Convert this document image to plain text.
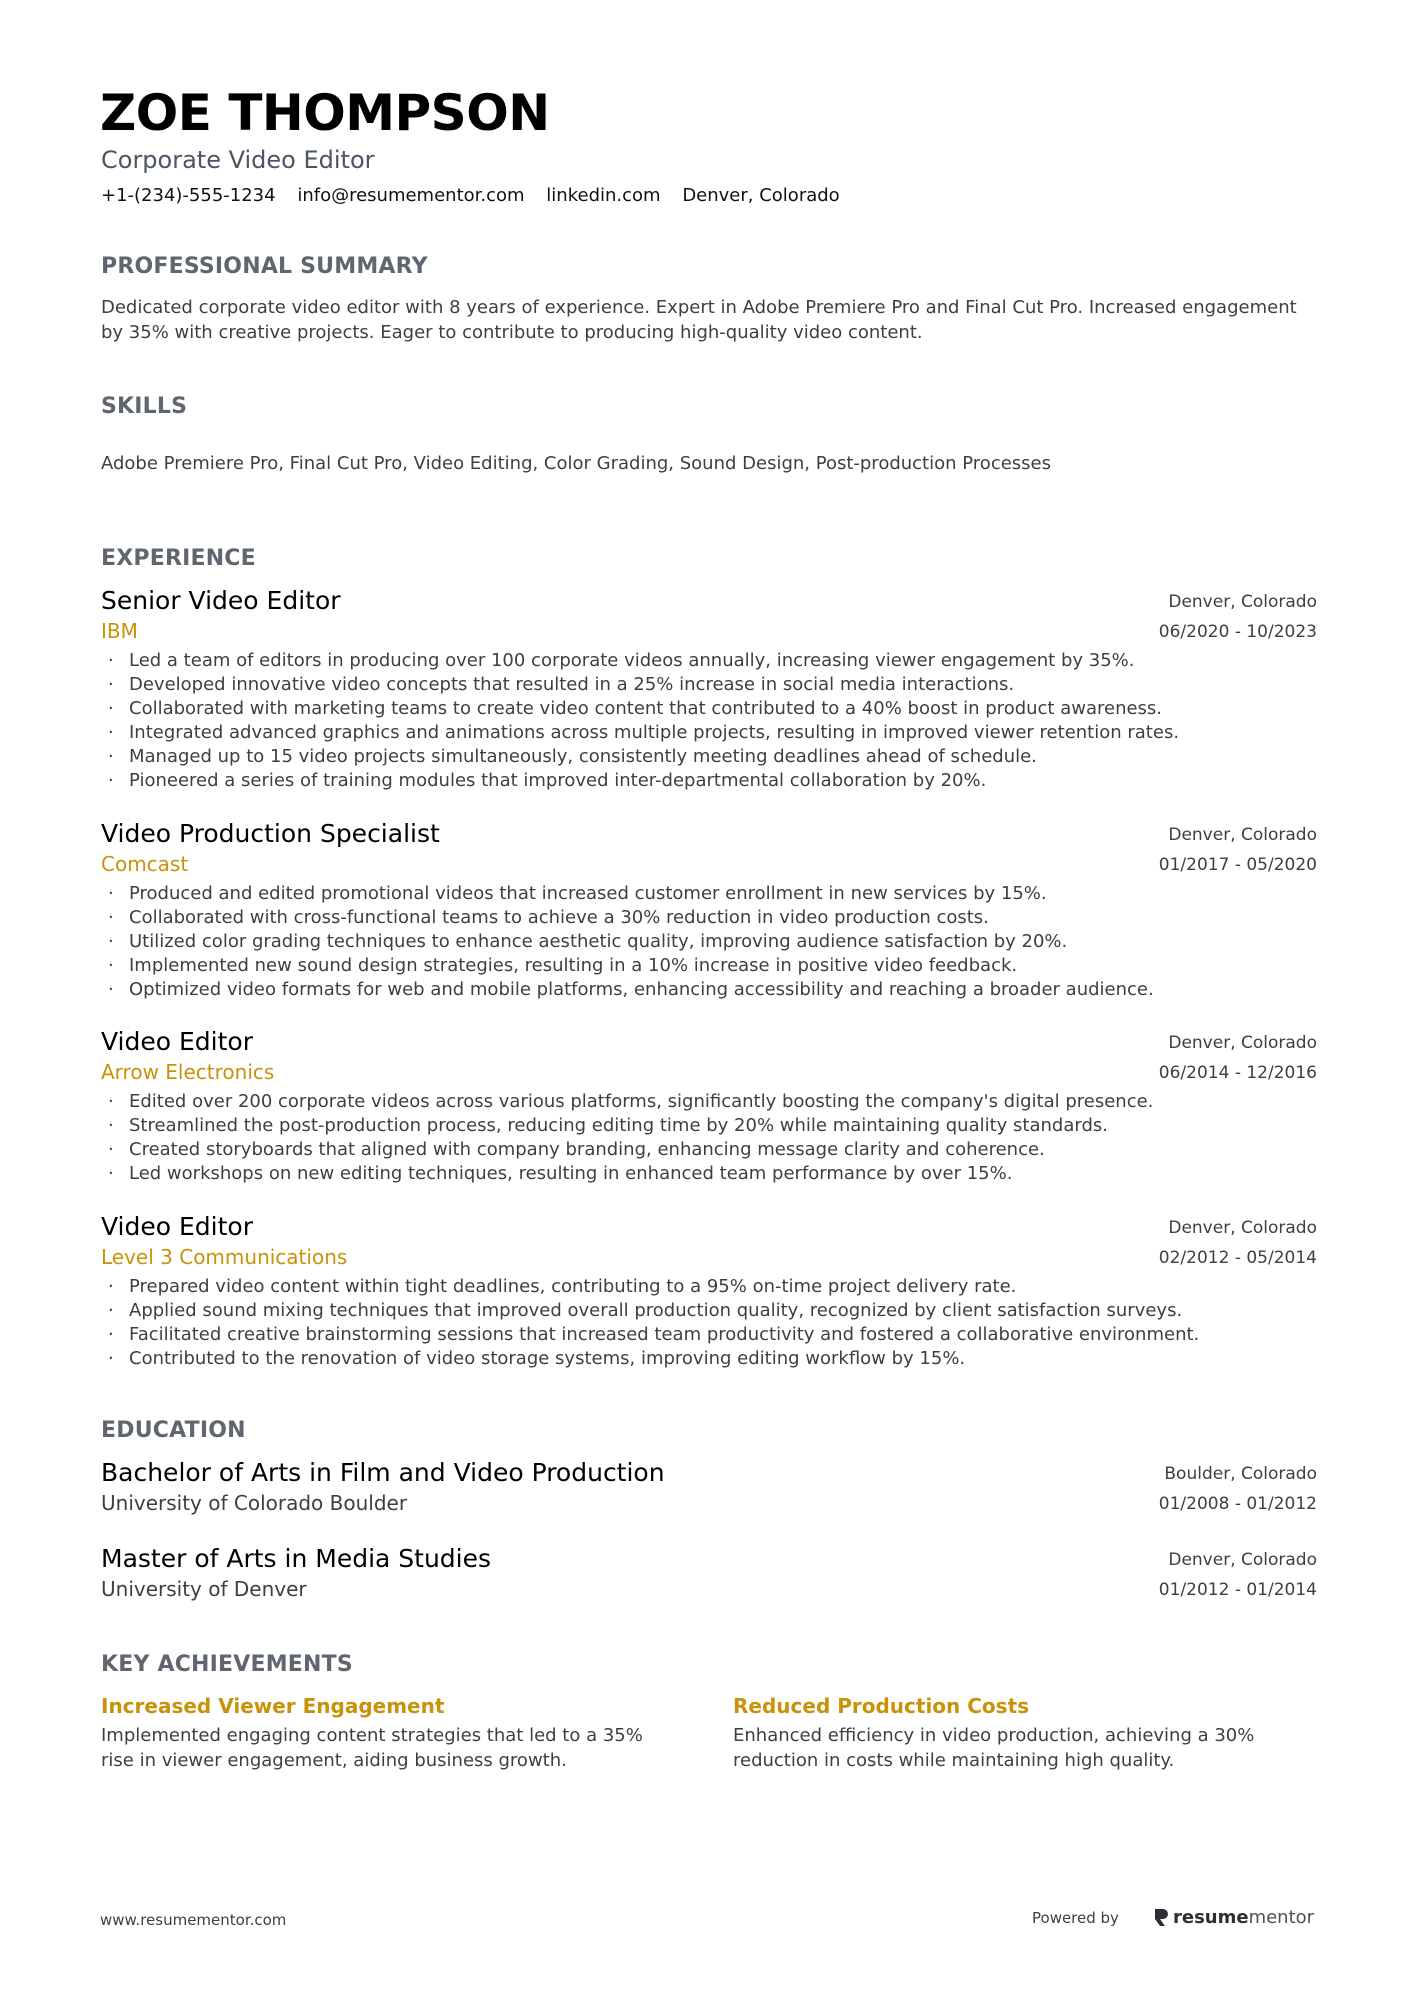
ZOE THOMPSON
Corporate Video Editor
+1-(234)-555-1234 info@resumementor.com linkedin.com Denver, Colorado
PROFESSIONAL SUMMARY
Dedicated corporate video editor with 8 years of experience. Expert in Adobe Premiere Pro and Final Cut Pro. Increased engagement by 35% with creative projects. Eager to contribute to producing high-quality video content.
SKILLS
Adobe Premiere Pro, Final Cut Pro, Video Editing, Color Grading, Sound Design, Post-production Processes
EXPERIENCE
Senior Video Editor
IBM
Denver, Colorado
06/2020 - 10/2023
· Led a team of editors in producing over 100 corporate videos annually, increasing viewer engagement by 35%.
· Developed innovative video concepts that resulted in a 25% increase in social media interactions.
· Collaborated with marketing teams to create video content that contributed to a 40% boost in product awareness.
· Integrated advanced graphics and animations across multiple projects, resulting in improved viewer retention rates.
· Managed up to 15 video projects simultaneously, consistently meeting deadlines ahead of schedule.
· Pioneered a series of training modules that improved inter-departmental collaboration by 20%.
Video Production Specialist
Comcast
Denver, Colorado
01/2017 - 05/2020
· Produced and edited promotional videos that increased customer enrollment in new services by 15%.
· Collaborated with cross-functional teams to achieve a 30% reduction in video production costs.
· Utilized color grading techniques to enhance aesthetic quality, improving audience satisfaction by 20%.
· Implemented new sound design strategies, resulting in a 10% increase in positive video feedback.
· Optimized video formats for web and mobile platforms, enhancing accessibility and reaching a broader audience.
Video Editor
Arrow Electronics
Denver, Colorado
06/2014 - 12/2016
· Edited over 200 corporate videos across various platforms, significantly boosting the company's digital presence.
· Streamlined the post-production process, reducing editing time by 20% while maintaining quality standards.
· Created storyboards that aligned with company branding, enhancing message clarity and coherence.
· Led workshops on new editing techniques, resulting in enhanced team performance by over 15%.
Video Editor
Level 3 Communications
Denver, Colorado
02/2012 - 05/2014
· Prepared video content within tight deadlines, contributing to a 95% on-time project delivery rate.
· Applied sound mixing techniques that improved overall production quality, recognized by client satisfaction surveys.
· Facilitated creative brainstorming sessions that increased team productivity and fostered a collaborative environment.
· Contributed to the renovation of video storage systems, improving editing workflow by 15%.
EDUCATION
Bachelor of Arts in Film and Video Production
University of Colorado Boulder
Boulder, Colorado
01/2008 - 01/2012
Master of Arts in Media Studies
University of Denver
Denver, Colorado
01/2012 - 01/2014
KEY ACHIEVEMENTS
Increased Viewer Engagement
Implemented engaging content strategies that led to a 35% rise in viewer engagement, aiding business growth.
Reduced Production Costs
Enhanced efficiency in video production, achieving a 30% reduction in costs while maintaining high quality.
www.resumementor.com	Powered by	resumementor
